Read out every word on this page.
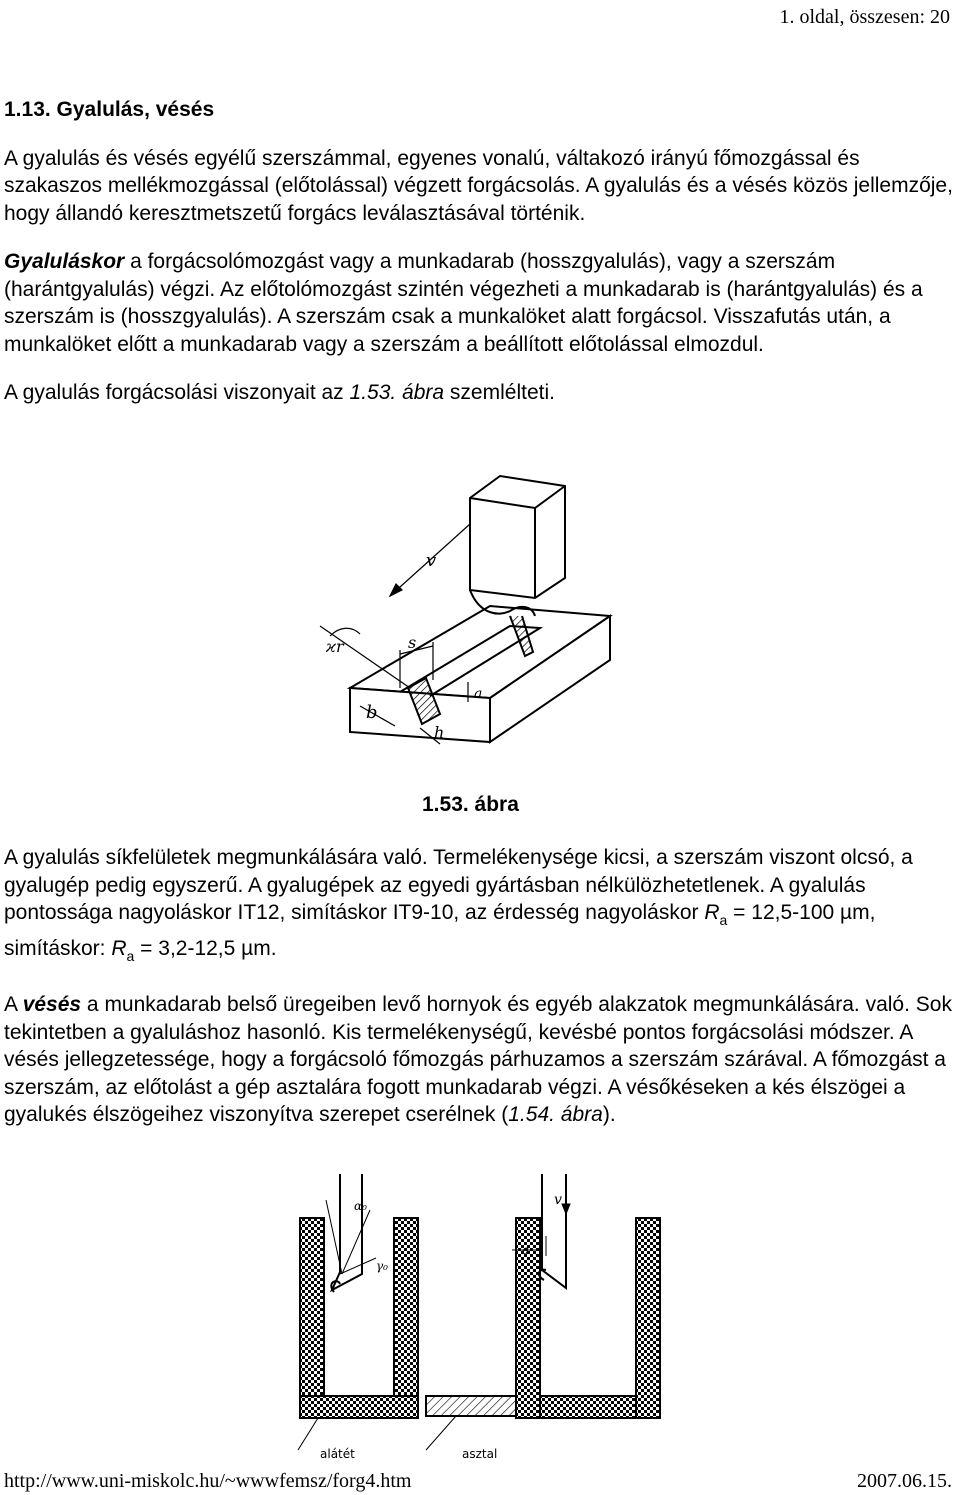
1. oldal, összesen: 20
1.13. Gyalulás, vésés

A gyalulás és vésés egyélű szerszámmal, egyenes vonalú, váltakozó irányú főmozgással és szakaszos mellékmozgással (előtolással) végzett forgácsolás. A gyalulás és a vésés közös jellemzője, hogy állandó keresztmetszetű forgács leválasztásával történik.

Gyaluláskor a forgácsolómozgást vagy a munkadarab (hosszgyalulás), vagy a szerszám (harántgyalulás) végzi. Az előtolómozgást szintén végezheti a munkadarab is (harántgyalulás) és a szerszám is (hosszgyalulás). A szerszám csak a munkalöket alatt forgácsol. Visszafutás után, a munkalöket előtt a munkadarab vagy a szerszám a beállított előtolással elmozdul.

A gyalulás forgácsolási viszonyait az 1.53. ábra szemlélteti.

v
ϰr	s
b
h
a
1.53. ábra

A gyalulás síkfelületek megmunkálására való. Termelékenysége kicsi, a szerszám viszont olcsó, a gyalugép pedig egyszerű. A gyalugépek az egyedi gyártásban nélkülözhetetlenek. A gyalulás pontossága nagyoláskor IT12, simításkor IT9-10, az érdesség nagyoláskor $R_a = 12,5-100$ µm, simításkor: $R_a = 3,2-12,5$ µm.

A vésés a munkadarab belső üregeiben levő hornyok és egyéb alakzatok megmunkálására. való. Sok tekintetben a gyaluláshoz hasonló. Kis termelékenységű, kevésbé pontos forgácsolási módszer. A vésés jellegzetessége, hogy a forgácsoló főmozgás párhuzamos a szerszám szárával. A főmozgást a szerszám, az előtolást a gép asztalára fogott munkadarab végzi. A vésőkéseken a kés élszögei a gyalukés élszögeihez viszonyítva szerepet cserélnek (1.54. ábra).

α₀
γ₀
v
a
alátét	asztal
http://www.uni-miskolc.hu/~wwwfemsz/forg4.htm	2007.06.15.
